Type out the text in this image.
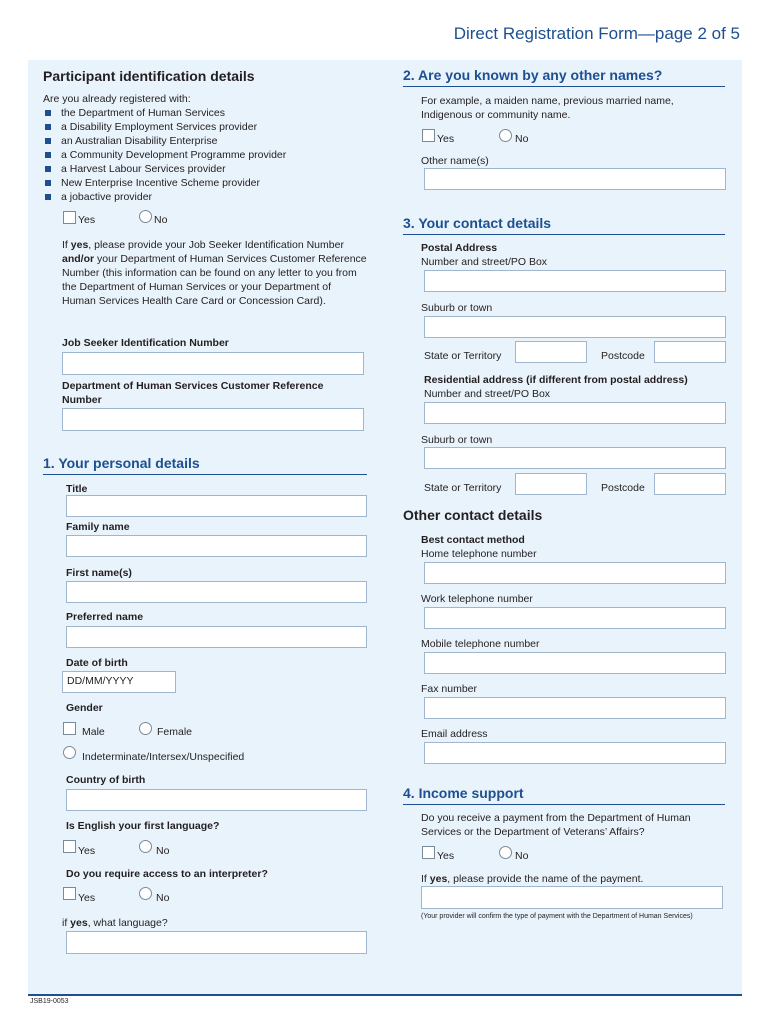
Direct Registration Form—page 2 of 5
Participant identification details
Are you already registered with:
the Department of Human Services
a Disability Employment Services provider
an Australian Disability Enterprise
a Community Development Programme provider
a Harvest Labour Services provider
New Enterprise Incentive Scheme provider
a jobactive provider
Yes	No
If yes, please provide your Job Seeker Identification Number and/or your Department of Human Services Customer Reference Number (this information can be found on any letter to you from the Department of Human Services or your Department of Human Services Health Care Card or Concession Card).
Job Seeker Identification Number
Department of Human Services Customer Reference Number
1. Your personal details
Title
Family name
First name(s)
Preferred name
Date of birth
DD/MM/YYYY
Gender
Male	Female
Indeterminate/Intersex/Unspecified
Country of birth
Is English your first language?
Yes	No
Do you require access to an interpreter?
Yes	No
if yes, what language?
2. Are you known by any other names?
For example, a maiden name, previous married name, Indigenous or community name.
Yes	No
Other name(s)
3. Your contact details
Postal Address
Number and street/PO Box
Suburb or town
State or Territory	Postcode
Residential address (if different from postal address)
Number and street/PO Box
Suburb or town
State or Territory	Postcode
Other contact details
Best contact method
Home telephone number
Work telephone number
Mobile telephone number
Fax number
Email address
4. Income support
Do you receive a payment from the Department of Human Services or the Department of Veterans’ Affairs?
Yes	No
If yes, please provide the name of the payment.
(Your provider will confirm the type of payment with the Department of Human Services)
JSB19-0053
